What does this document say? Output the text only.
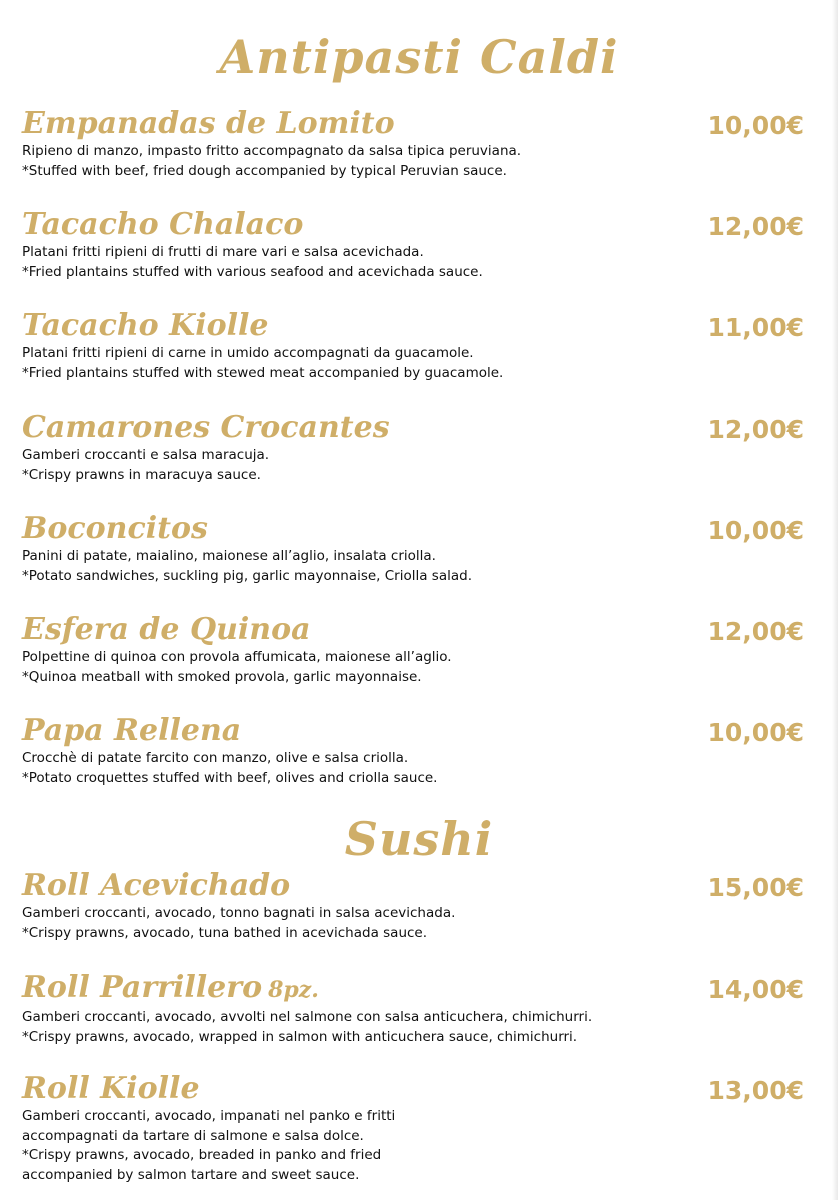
Antipasti Caldi
Empanadas de Lomito	10,00€

Ripieno di manzo, impasto fritto accompagnato da salsa tipica peruviana.
*Stuffed with beef, fried dough accompanied by typical Peruvian sauce.

Tacacho Chalaco	12,00€

Platani fritti ripieni di frutti di mare vari e salsa acevichada.
*Fried plantains stuffed with various seafood and acevichada sauce.

Tacacho Kiolle	11,00€

Platani fritti ripieni di carne in umido accompagnati da guacamole.
*Fried plantains stuffed with stewed meat accompanied by guacamole.

Camarones Crocantes	12,00€

Gamberi croccanti e salsa maracuja.
*Crispy prawns in maracuya sauce.

Boconcitos	10,00€

Panini di patate, maialino, maionese all’aglio, insalata criolla.
*Potato sandwiches, suckling pig, garlic mayonnaise, Criolla salad.

Esfera de Quinoa	12,00€

Polpettine di quinoa con provola affumicata, maionese all’aglio.
*Quinoa meatball with smoked provola, garlic mayonnaise.

Papa Rellena	10,00€

Crocchè di patate farcito con manzo, olive e salsa criolla.
*Potato croquettes stuffed with beef, olives and criolla sauce.

Sushi
Roll Acevichado	15,00€

Gamberi croccanti, avocado, tonno bagnati in salsa acevichada.
*Crispy prawns, avocado, tuna bathed in acevichada sauce.

Roll Parrillero 8pz.	14,00€

Gamberi croccanti, avocado, avvolti nel salmone con salsa anticuchera, chimichurri.
*Crispy prawns, avocado, wrapped in salmon with anticuchera sauce, chimichurri.

Roll Kiolle	13,00€

Gamberi croccanti, avocado, impanati nel panko e fritti
accompagnati da tartare di salmone e salsa dolce.
*Crispy prawns, avocado, breaded in panko and fried
accompanied by salmon tartare and sweet sauce.
